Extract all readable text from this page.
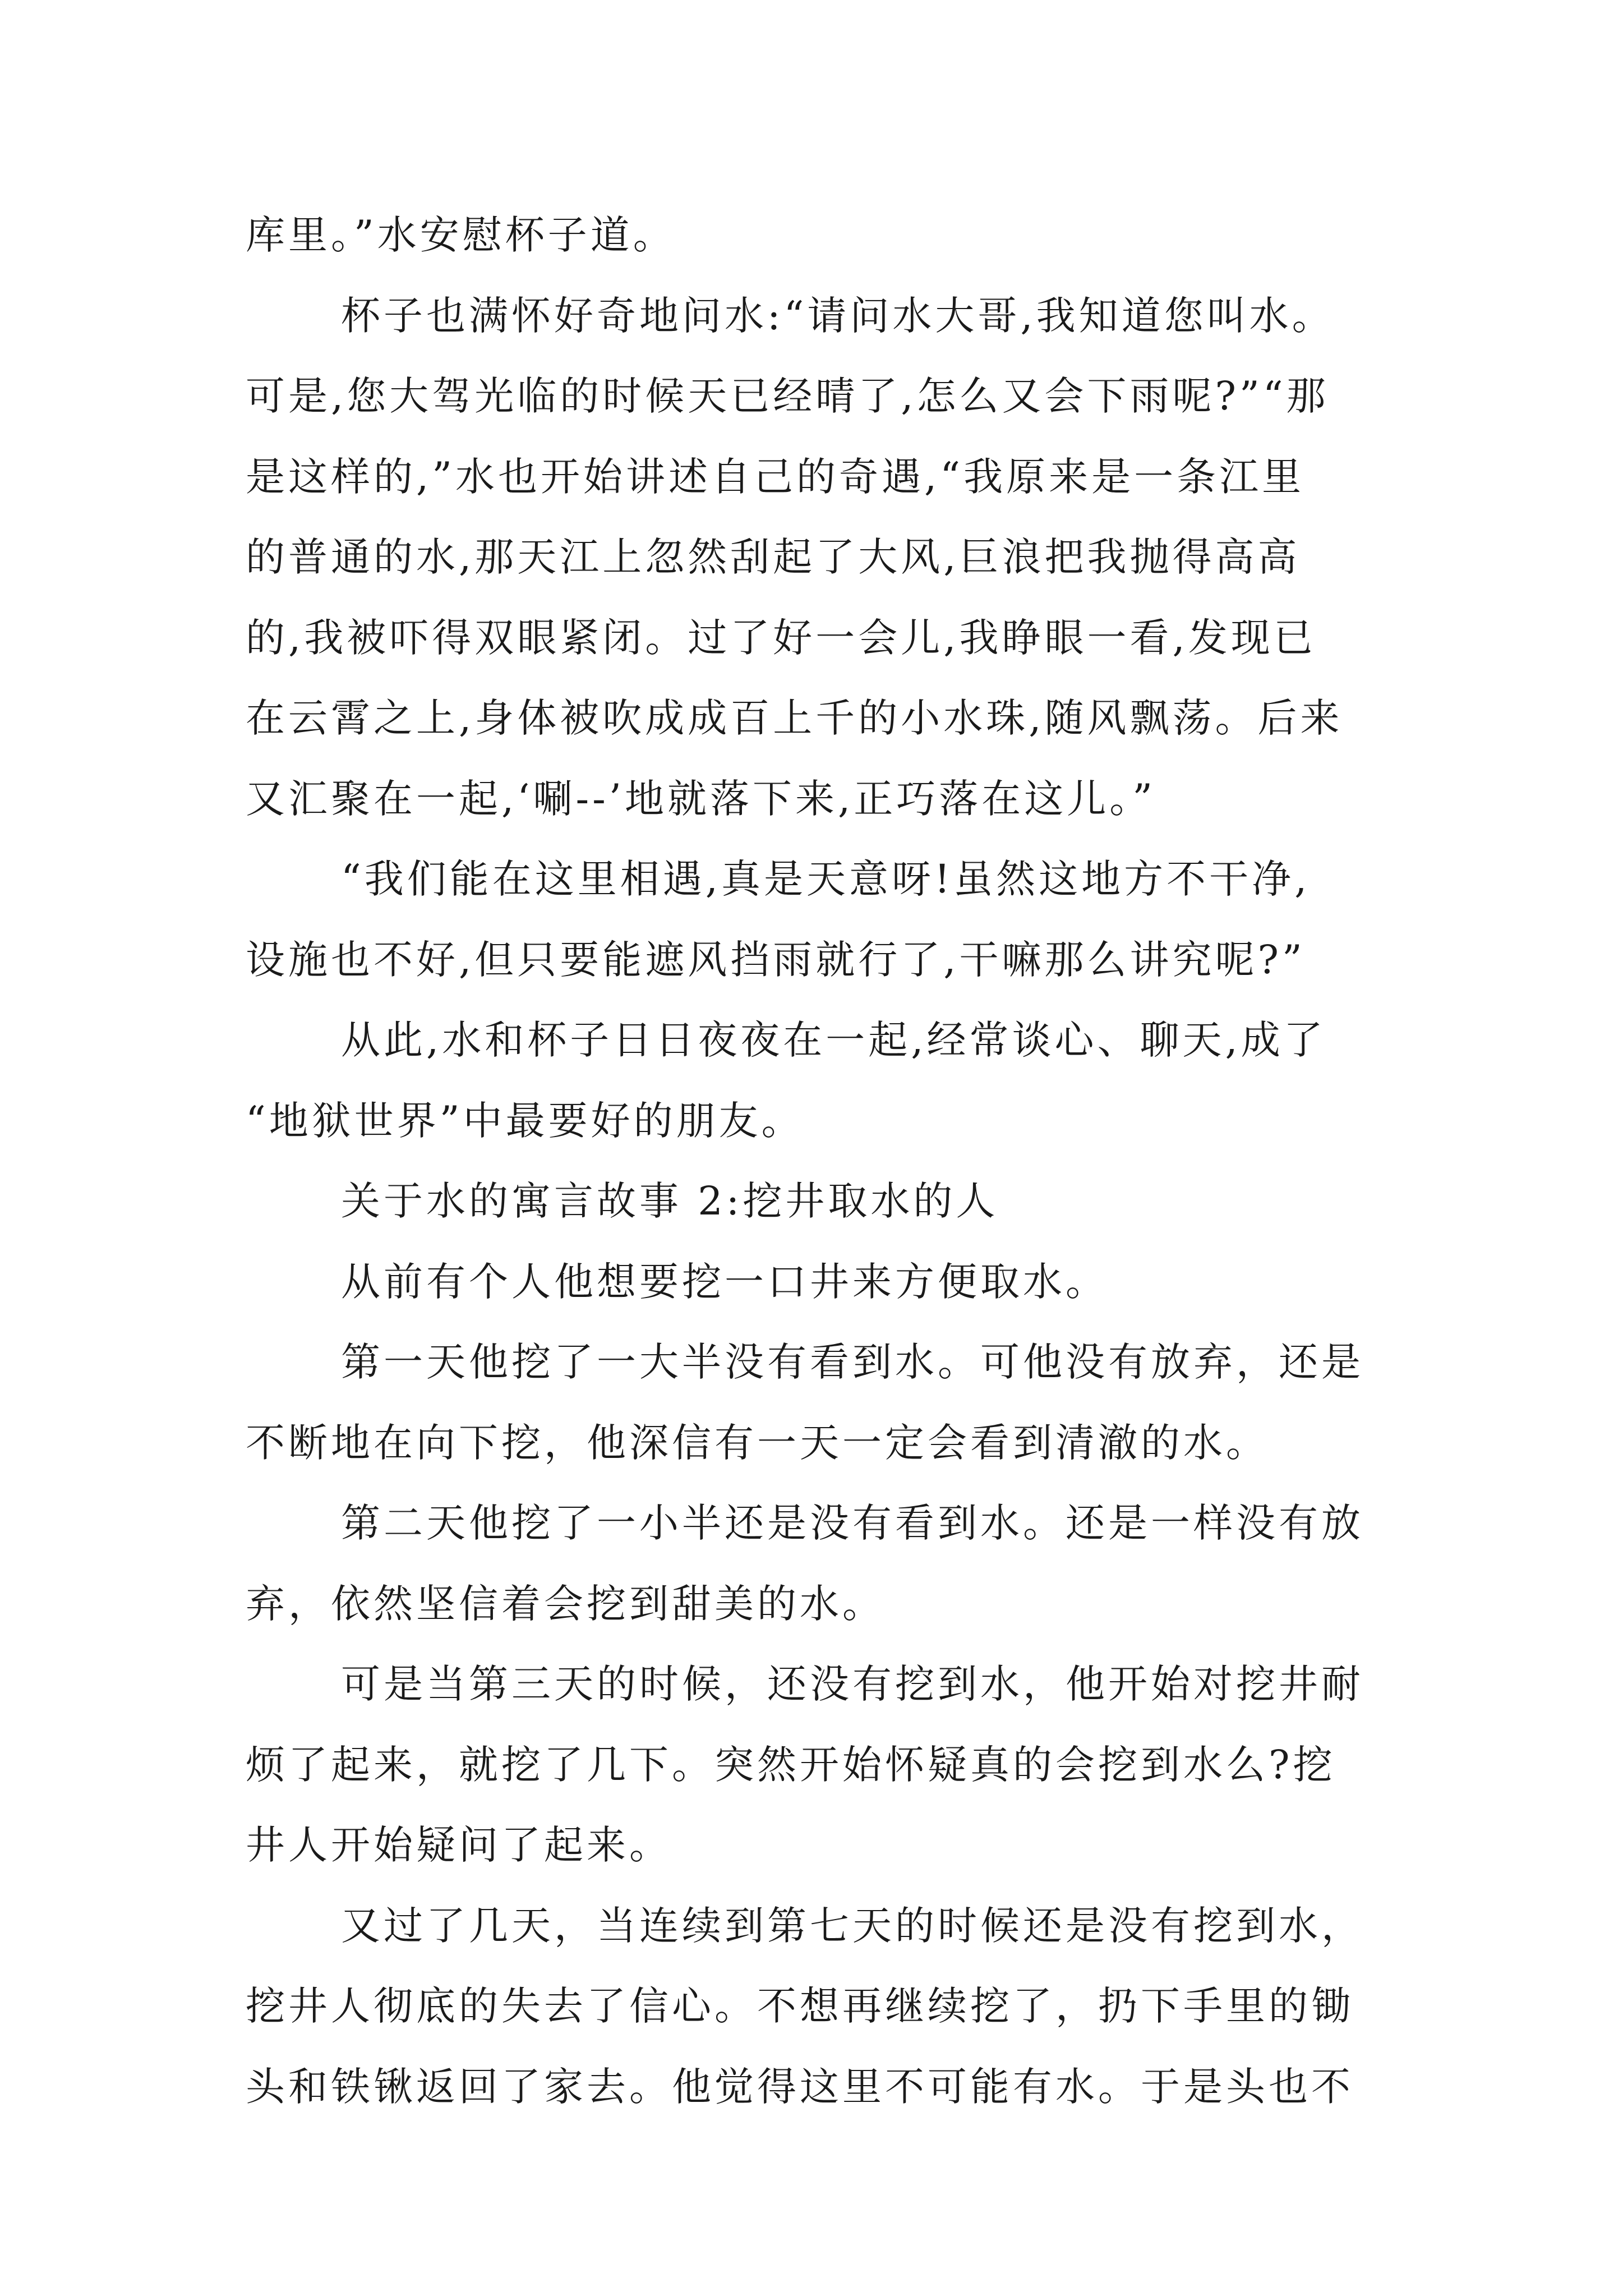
库里。”水安慰杯子道。
杯子也满怀好奇地问水:“请问水大哥,我知道您叫水。
可是,您大驾光临的时候天已经晴了,怎么又会下雨呢?”“那
是这样的,”水也开始讲述自己的奇遇,“我原来是一条江里
的普通的水,那天江上忽然刮起了大风,巨浪把我抛得高高
的,我被吓得双眼紧闭。过了好一会儿,我睁眼一看,发现已
在云霄之上,身体被吹成成百上千的小水珠,随风飘荡。后来
又汇聚在一起,‘唰--’地就落下来,正巧落在这儿。”
“我们能在这里相遇,真是天意呀!虽然这地方不干净,
设施也不好,但只要能遮风挡雨就行了,干嘛那么讲究呢?”
从此,水和杯子日日夜夜在一起,经常谈心、聊天,成了
“地狱世界”中最要好的朋友。
关于水的寓言故事 2:挖井取水的人
从前有个人他想要挖一口井来方便取水。
第一天他挖了一大半没有看到水。可他没有放弃，还是
不断地在向下挖，他深信有一天一定会看到清澈的水。
第二天他挖了一小半还是没有看到水。还是一样没有放
弃，依然坚信着会挖到甜美的水。
可是当第三天的时候，还没有挖到水，他开始对挖井耐
烦了起来，就挖了几下。突然开始怀疑真的会挖到水么?挖
井人开始疑问了起来。
又过了几天，当连续到第七天的时候还是没有挖到水，
挖井人彻底的失去了信心。不想再继续挖了，扔下手里的锄
头和铁锹返回了家去。他觉得这里不可能有水。于是头也不
